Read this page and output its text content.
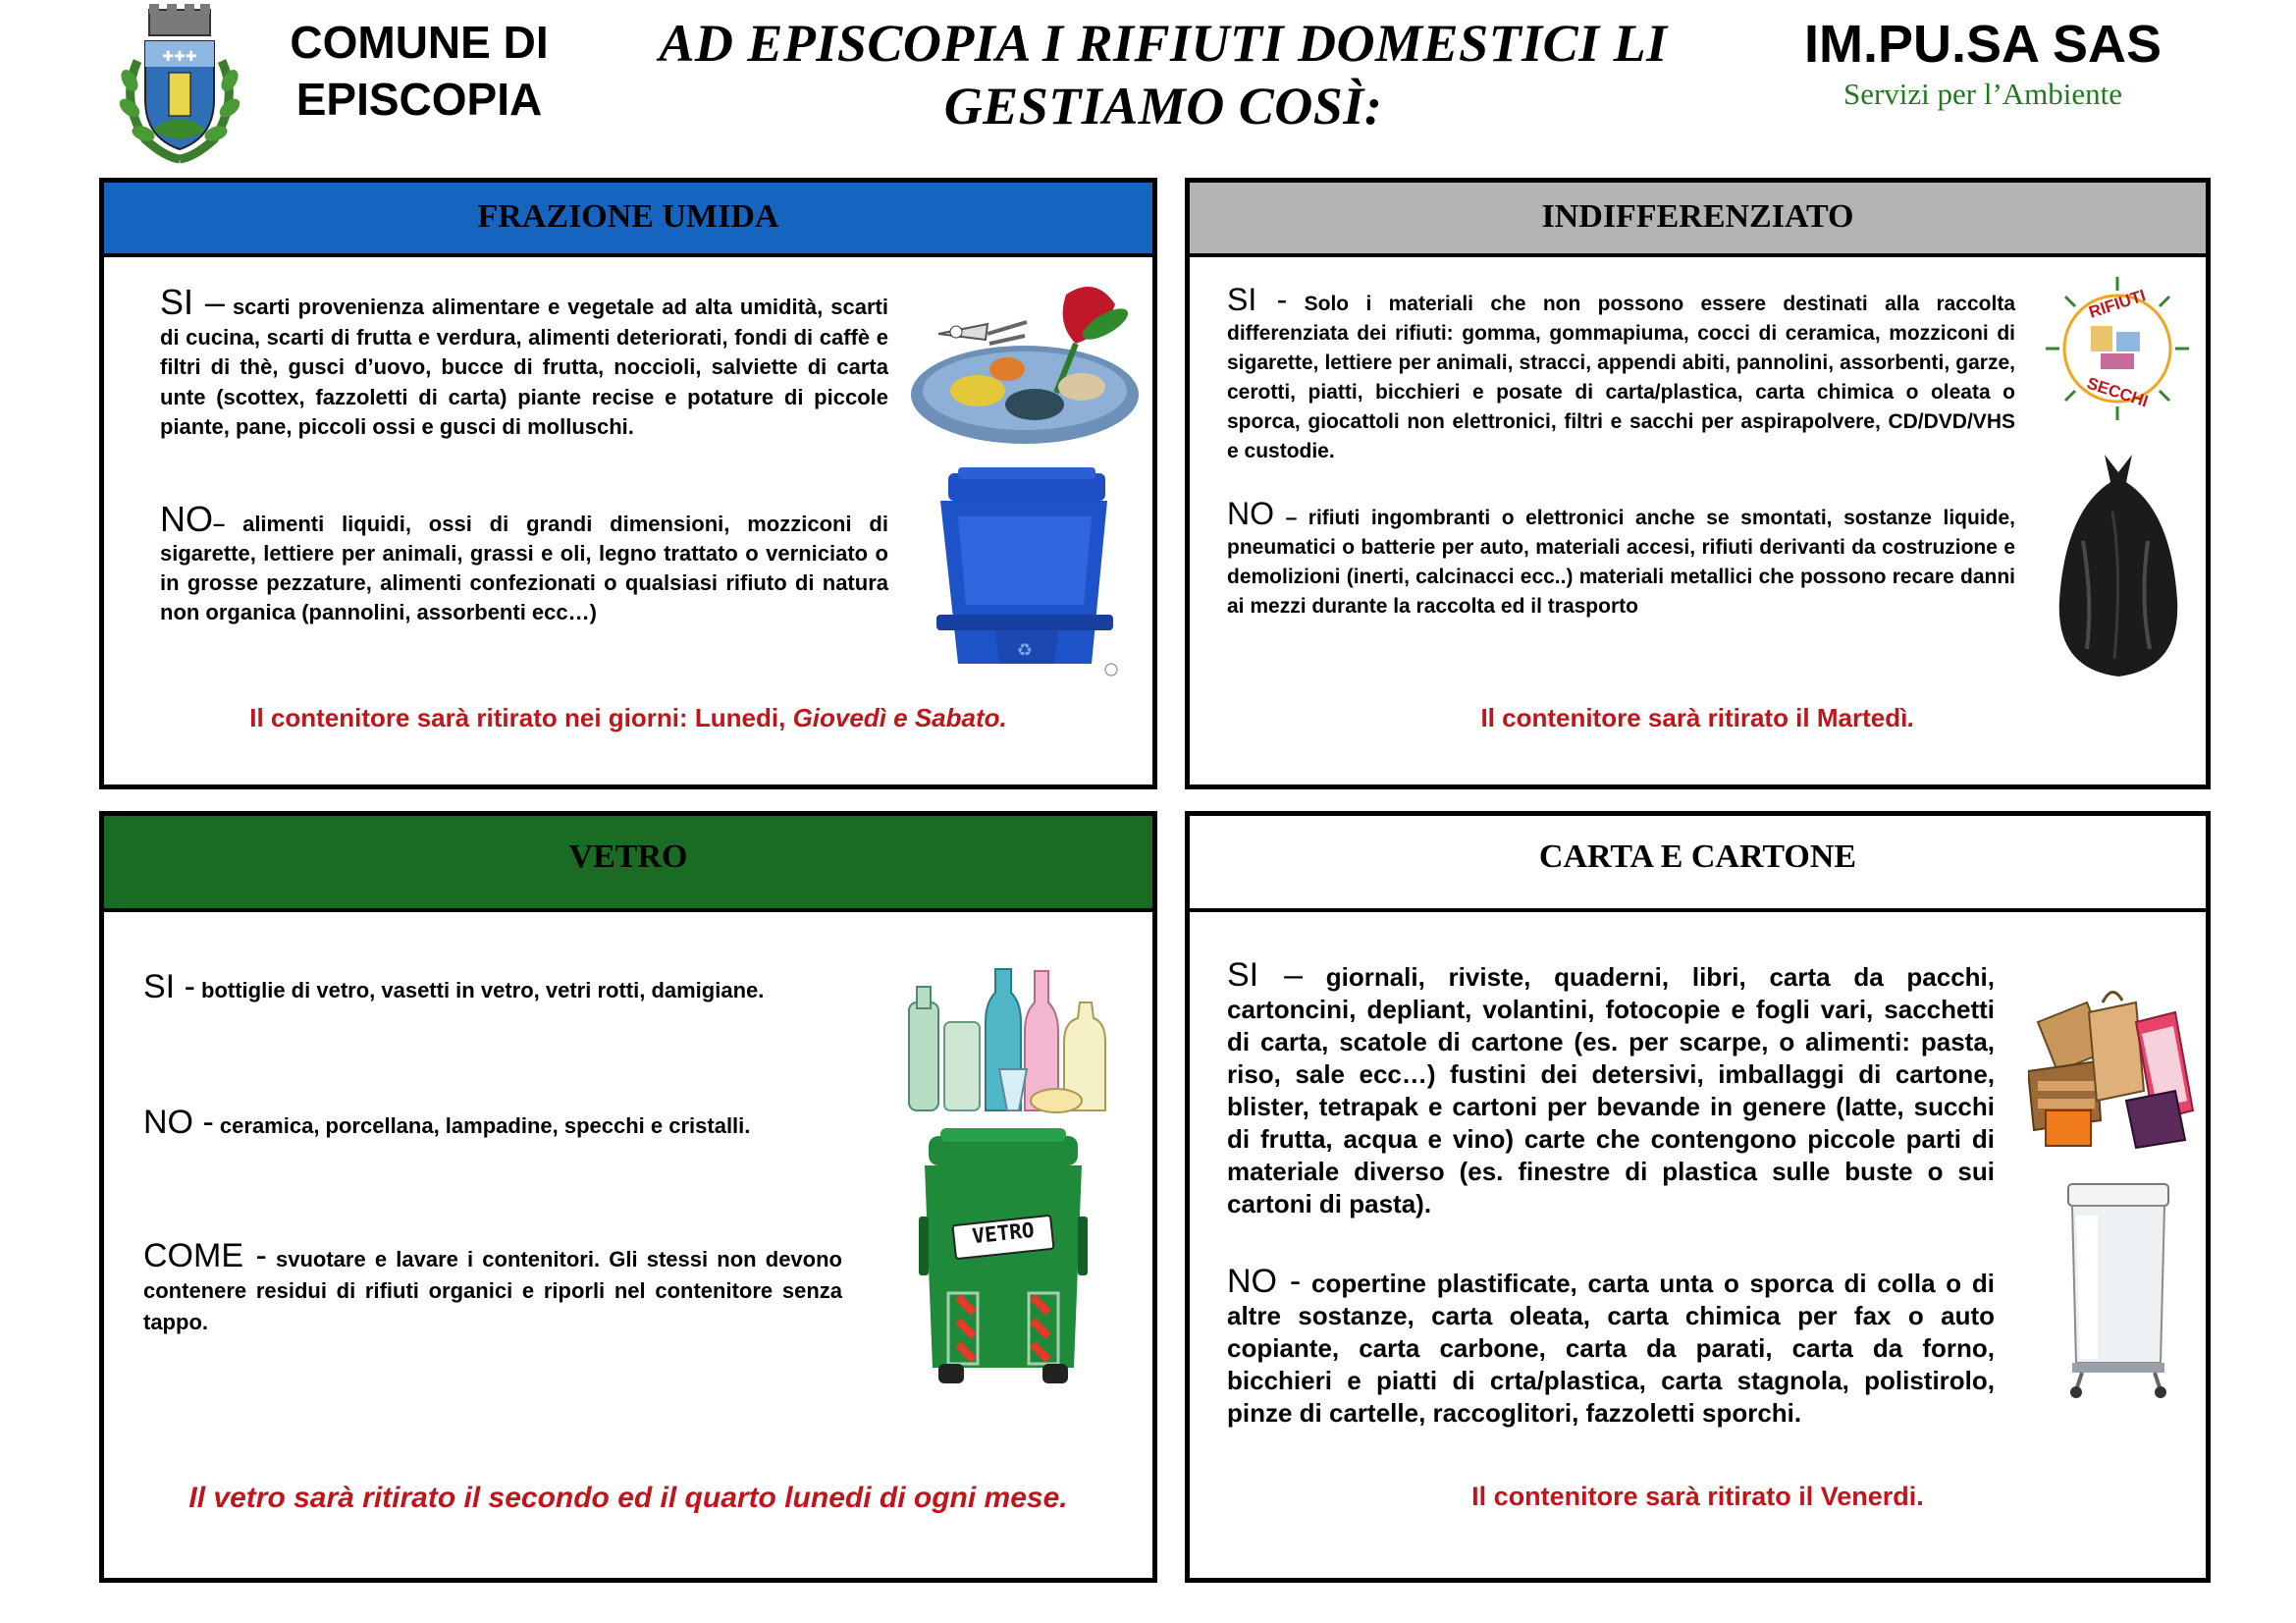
✚✚✚	COMUNE DI
EPISCOPIA
AD EPISCOPIA I RIFIUTI DOMESTICI LI
GESTIAMO COSÌ:
IM.PU.SA SAS
Servizi per l’Ambiente
FRAZIONE UMIDA
SI – scarti provenienza alimentare e vegetale ad alta umidità, scarti di cucina, scarti di frutta e verdura, alimenti deteriorati, fondi di caffè e filtri di thè, gusci d’uovo, bucce di frutta, noccioli, salviette di carta unte (scottex, fazzoletti di carta) piante recise e potature di piccole piante, pane, piccoli ossi e gusci di molluschi.
NO– alimenti liquidi, ossi di grandi dimensioni, mozziconi di sigarette, lettiere per animali, grassi e oli, legno trattato o verniciato o in grosse pezzature, alimenti confezionati o qualsiasi rifiuto di natura non organica (pannolini, assorbenti ecc…)
♻
Il contenitore sarà ritirato nei giorni: Lunedi, Giovedì e Sabato.
INDIFFERENZIATO
SI - Solo i materiali che non possono essere destinati alla raccolta differenziata dei rifiuti: gomma, gommapiuma, cocci di ceramica, mozziconi di sigarette, lettiere per animali, stracci, appendi abiti, pannolini, assorbenti, garze, cerotti, piatti, bicchieri e posate di carta/plastica, carta chimica o oleata o sporca, giocattoli non elettronici, filtri e sacchi per aspirapolvere, CD/DVD/VHS e custodie.
NO – rifiuti ingombranti o elettronici anche se smontati, sostanze liquide, pneumatici o batterie per auto, materiali accesi, rifiuti derivanti da costruzione e demolizioni (inerti, calcinacci ecc..) materiali metallici che possono recare danni ai mezzi durante la raccolta ed il trasporto
RIFIUTI
SECCHI
Il contenitore sarà ritirato il Martedì.
VETRO
SI - bottiglie di vetro, vasetti in vetro, vetri rotti, damigiane.
NO - ceramica, porcellana, lampadine, specchi e cristalli.
COME - svuotare e lavare i contenitori. Gli stessi non devono contenere residui di rifiuti organici e riporli nel contenitore senza tappo.
VETRO
Il vetro sarà ritirato il secondo ed il quarto lunedi di ogni mese.
CARTA E CARTONE
SI – giornali, riviste, quaderni, libri, carta da pacchi, cartoncini, depliant, volantini, fotocopie e fogli vari, sacchetti di carta, scatole di cartone (es. per scarpe, o alimenti: pasta, riso, sale ecc…) fustini dei detersivi, imballaggi di cartone, blister, tetrapak e cartoni per bevande in genere (latte, succhi di frutta, acqua e vino) carte che contengono piccole parti di materiale diverso (es. finestre di plastica sulle buste o sui cartoni di pasta).
NO - copertine plastificate, carta unta o sporca di colla o di altre sostanze, carta oleata, carta chimica per fax o auto copiante, carta carbone, carta da parati, carta da forno, bicchieri e piatti di crta/plastica, carta stagnola, polistirolo, pinze di cartelle, raccoglitori, fazzoletti sporchi.
Il contenitore sarà ritirato il Venerdi.
